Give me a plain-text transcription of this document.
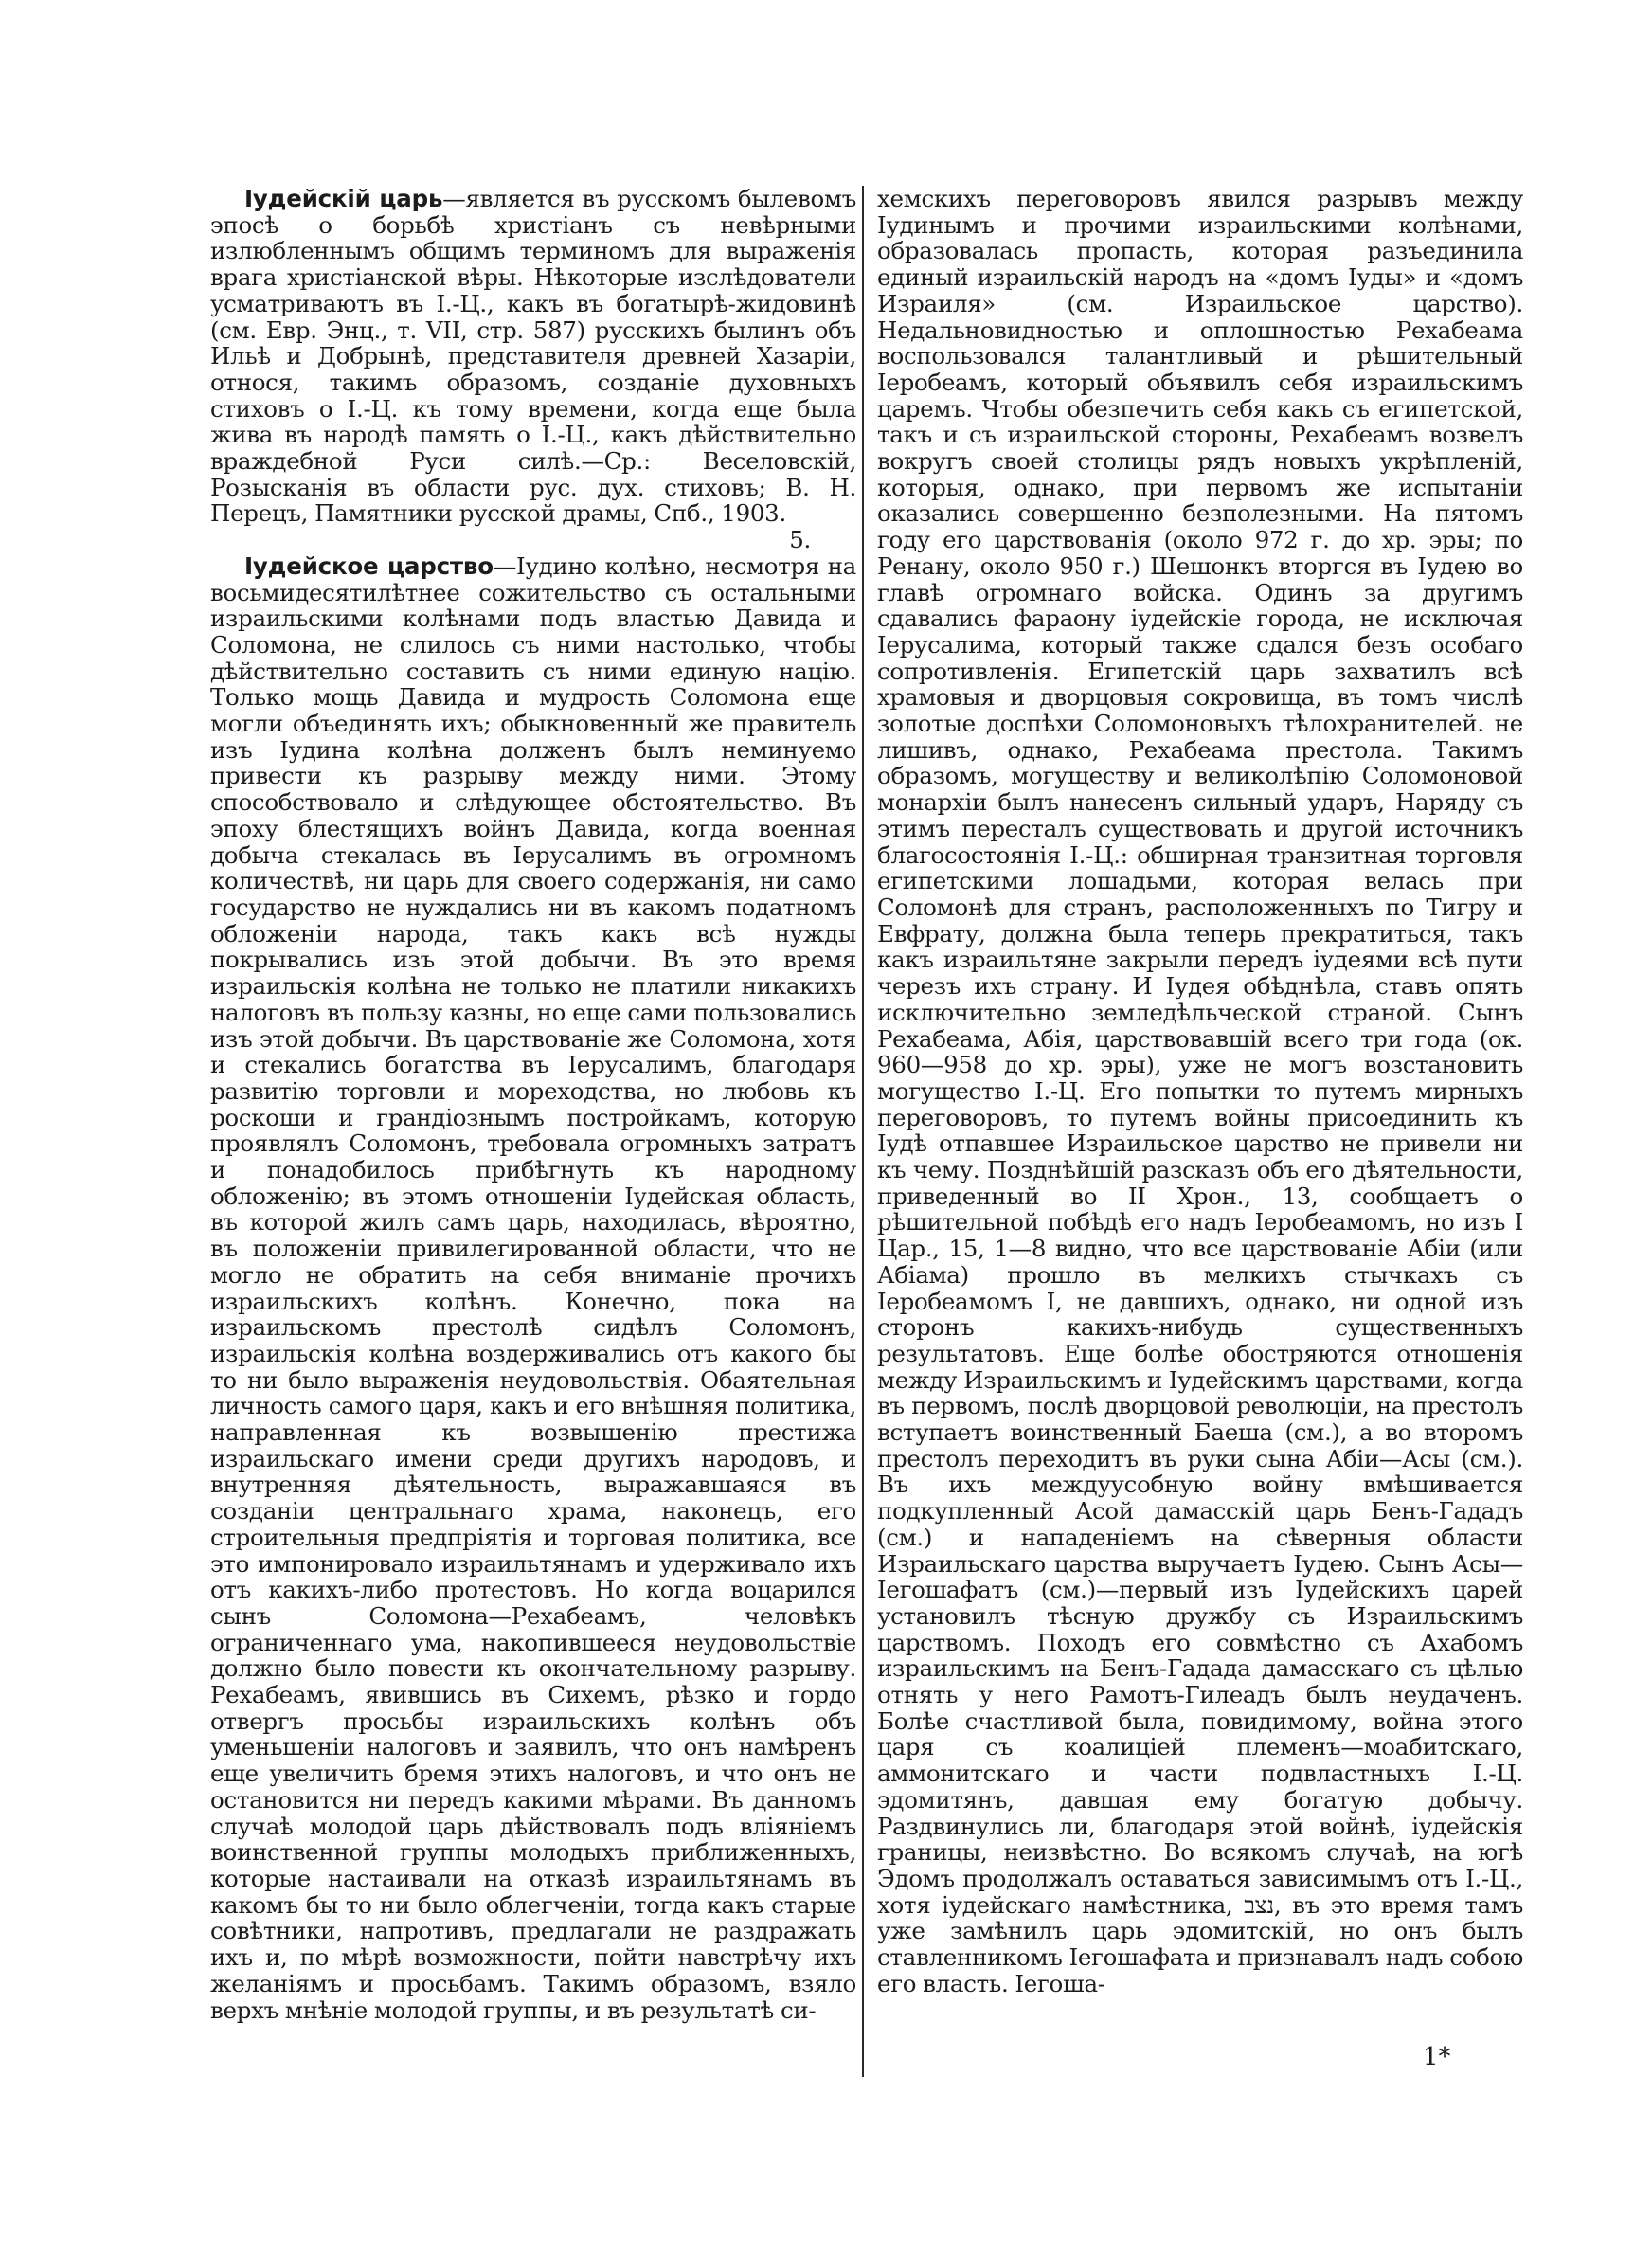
Іудейскій царь—является въ русскомъ былевомъ эпосѣ о борьбѣ христіанъ съ невѣрными излюбленнымъ общимъ терминомъ для выраженія врага христіанской вѣры. Нѣкоторые изслѣдователи усматриваютъ въ І.-Ц., какъ въ богатырѣ-жидовинѣ (см. Евр. Энц., т. VII, стр. 587) русскихъ былинъ объ Ильѣ и Добрынѣ, представителя древней Хазаріи, относя, такимъ образомъ, созданіе духовныхъ стиховъ о І.-Ц. къ тому времени, когда еще была жива въ народѣ память о І.-Ц., какъ дѣйствительно враждебной Руси силѣ.—Ср.: Веселовскій, Розысканія въ области рус. дух. стиховъ; В. Н. Перецъ, Памятники русской драмы, Спб., 1903.
5.

Іудейское царство—Іудино колѣно, несмотря на восьмидесятилѣтнее сожительство съ остальными израильскими колѣнами подъ властью Давида и Соломона, не слилось съ ними настолько, чтобы дѣйствительно составить съ ними единую націю. Только мощь Давида и мудрость Соломона еще могли объединять ихъ; обыкновенный же правитель изъ Іудина колѣна долженъ былъ неминуемо привести къ разрыву между ними. Этому способствовало и слѣдующее обстоятельство. Въ эпоху блестящихъ войнъ Давида, когда военная добыча стекалась въ Іерусалимъ въ огромномъ количествѣ, ни царь для своего содержанія, ни само государство не нуждались ни въ какомъ податномъ обложеніи народа, такъ какъ всѣ нужды покрывались изъ этой добычи. Въ это время израильскія колѣна не только не платили никакихъ налоговъ въ пользу казны, но еще сами пользовались изъ этой добычи. Въ царствованіе же Соломона, хотя и стекались богатства въ Іерусалимъ, благодаря развитію торговли и мореходства, но любовь къ роскоши и грандіознымъ постройкамъ, которую проявлялъ Соломонъ, требовала огромныхъ затратъ и понадобилось прибѣгнуть къ народному обложенію; въ этомъ отношеніи Іудейская область, въ которой жилъ самъ царь, находилась, вѣроятно, въ положеніи привилегированной области, что не могло не обратить на себя вниманіе прочихъ израильскихъ колѣнъ. Конечно, пока на израильскомъ престолѣ сидѣлъ Соломонъ, израильскія колѣна воздерживались отъ какого бы то ни было выраженія неудовольствія. Обаятельная личность самого царя, какъ и его внѣшняя политика, направленная къ возвышенію престижа израильскаго имени среди другихъ народовъ, и внутренняя дѣятельность, выражавшаяся въ созданіи центральнаго храма, наконецъ, его строительныя предпріятія и торговая политика, все это импонировало израильтянамъ и удерживало ихъ отъ какихъ-либо протестовъ. Но когда воцарился сынъ Соломона—Рехабеамъ, человѣкъ ограниченнаго ума, накопившееся неудовольствіе должно было повести къ окончательному разрыву. Рехабеамъ, явившись въ Сихемъ, рѣзко и гордо отвергъ просьбы израильскихъ колѣнъ объ уменьшеніи налоговъ и заявилъ, что онъ намѣренъ еще увеличить бремя этихъ налоговъ, и что онъ не остановится ни передъ какими мѣрами. Въ данномъ случаѣ молодой царь дѣйствовалъ подъ вліяніемъ воинственной группы молодыхъ приближенныхъ, которые настаивали на отказѣ израильтянамъ въ какомъ бы то ни было облегченіи, тогда какъ старые совѣтники, напротивъ, предлагали не раздражать ихъ и, по мѣрѣ возможности, пойти навстрѣчу ихъ желаніямъ и просьбамъ. Такимъ образомъ, взяло верхъ мнѣніе молодой группы, и въ результатѣ си-

хемскихъ переговоровъ явился разрывъ между Іудинымъ и прочими израильскими колѣнами, образовалась пропасть, которая разъединила единый израильскій народъ на «домъ Іуды» и «домъ Израиля» (см. Израильское царство). Недальновидностью и оплошностью Рехабеама воспользовался талантливый и рѣшительный Іеробеамъ, который объявилъ себя израильскимъ царемъ. Чтобы обезпечить себя какъ съ египетской, такъ и съ израильской стороны, Рехабеамъ возвелъ вокругъ своей столицы рядъ новыхъ укрѣпленій, которыя, однако, при первомъ же испытаніи оказались совершенно безполезными. На пятомъ году его царствованія (около 972 г. до хр. эры; по Ренану, около 950 г.) Шешонкъ вторгся въ Іудею во главѣ огромнаго войска. Одинъ за другимъ сдавались фараону іудейскіе города, не исключая Іерусалима, который также сдался безъ особаго сопротивленія. Египетскій царь захватилъ всѣ храмовыя и дворцовыя сокровища, въ томъ числѣ золотые доспѣхи Соломоновыхъ тѣлохранителей. не лишивъ, однако, Рехабеама престола. Такимъ образомъ, могуществу и великолѣпію Соломоновой монархіи былъ нанесенъ сильный ударъ, Наряду съ этимъ пересталъ существовать и другой источникъ благосостоянія І.-Ц.: обширная транзитная торговля египетскими лошадьми, которая велась при Соломонѣ для странъ, расположенныхъ по Тигру и Евфрату, должна была теперь прекратиться, такъ какъ израильтяне закрыли передъ іудеями всѣ пути черезъ ихъ страну. И Іудея обѣднѣла, ставъ опять исключительно земледѣльческой страной. Сынъ Рехабеама, Абія, царствовавшій всего три года (ок. 960—958 до хр. эры), уже не могъ возстановить могущество І.-Ц. Его попытки то путемъ мирныхъ переговоровъ, то путемъ войны присоединить къ Іудѣ отпавшее Израильское царство не привели ни къ чему. Позднѣйшій разсказъ объ его дѣятельности, приведенный во II Хрон., 13, сообщаетъ о рѣшительной побѣдѣ его надъ Іеробеамомъ, но изъ І Цар., 15, 1—8 видно, что все царствованіе Абіи (или Абіама) прошло въ мелкихъ стычкахъ съ Іеробеамомъ І, не давшихъ, однако, ни одной изъ сторонъ какихъ-нибудь существенныхъ результатовъ. Еще болѣе обостряются отношенія между Израильскимъ и Іудейскимъ царствами, когда въ первомъ, послѣ дворцовой революціи, на престолъ вступаетъ воинственный Баеша (см.), а во второмъ престолъ переходитъ въ руки сына Абіи—Асы (см.). Въ ихъ междуусобную войну вмѣшивается подкупленный Асой дамасскій царь Бенъ-Гададъ (см.) и нападеніемъ на сѣверныя области Израильскаго царства выручаетъ Іудею. Сынъ Асы—Іегошафатъ (см.)—первый изъ Іудейскихъ царей установилъ тѣсную дружбу съ Израильскимъ царствомъ. Походъ его совмѣстно съ Ахабомъ израильскимъ на Бенъ-Гадада дамасскаго съ цѣлью отнять у него Рамотъ-Гилеадъ былъ неудаченъ. Болѣе счастливой была, повидимому, война этого царя съ коалиціей племенъ—моабитскаго, аммонитскаго и части подвластныхъ І.-Ц. эдомитянъ, давшая ему богатую добычу. Раздвинулись ли, благодаря этой войнѣ, іудейскія границы, неизвѣстно. Во всякомъ случаѣ, на югѣ Эдомъ продолжалъ оставаться зависимымъ отъ І.-Ц., хотя іудейскаго намѣстника, נצב, въ это время тамъ уже замѣнилъ царь эдомитскій, но онъ былъ ставленникомъ Іегошафата и признавалъ надъ собою его власть. Іегоша-

1*
